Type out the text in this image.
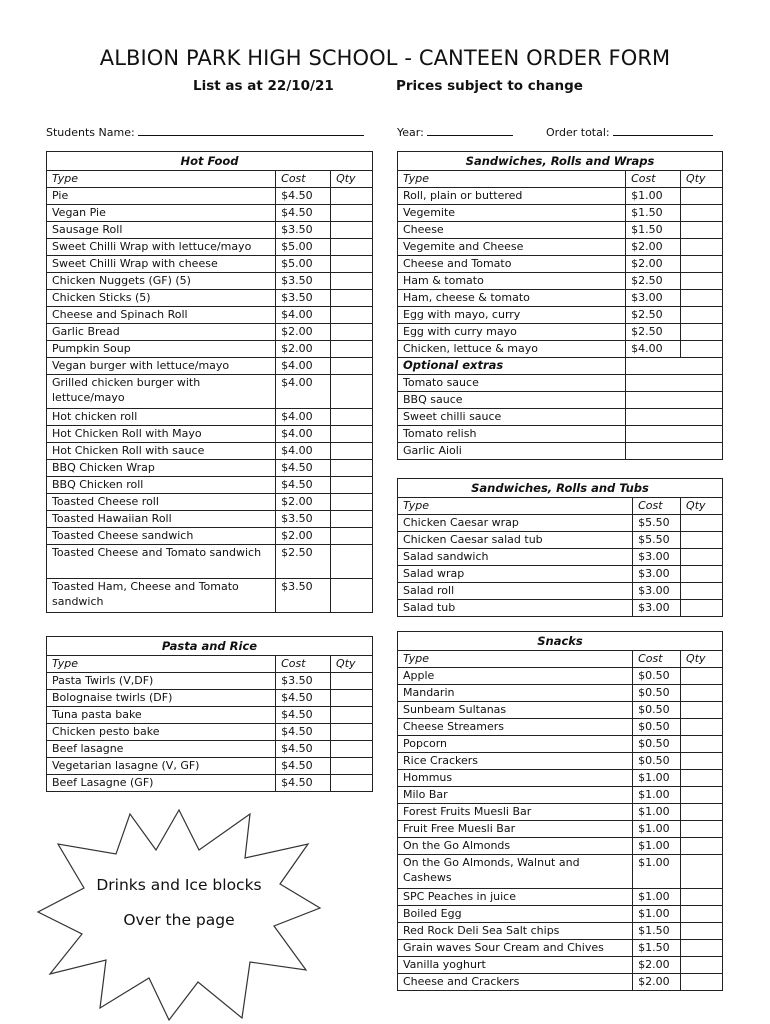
ALBION PARK HIGH SCHOOL - CANTEEN ORDER FORM
List as at 22/10/21	Prices subject to change
Students Name:	Year:	Order total:
Hot Food		
Type	Cost	Qty
Pie	$4.50	
Vegan Pie	$4.50	
Sausage Roll	$3.50	
Sweet Chilli Wrap with lettuce/mayo	$5.00	
Sweet Chilli Wrap with cheese	$5.00	
Chicken Nuggets (GF) (5)	$3.50	
Chicken Sticks (5)	$3.50	
Cheese and Spinach Roll	$4.00	
Garlic Bread	$2.00	
Pumpkin Soup	$2.00	
Vegan burger with lettuce/mayo	$4.00	
Grilled chicken burger with lettuce/mayo	$4.00	
Hot chicken roll	$4.00	
Hot Chicken Roll with Mayo	$4.00	
Hot Chicken Roll with sauce	$4.00	
BBQ Chicken Wrap	$4.50	
BBQ Chicken roll	$4.50	
Toasted Cheese roll	$2.00	
Toasted Hawaiian Roll	$3.50	
Toasted Cheese sandwich	$2.00	
Toasted Cheese and Tomato sandwich	$2.50	
Toasted Ham, Cheese and Tomato sandwich	$3.50	
Pasta and Rice		
Type	Cost	Qty
Pasta Twirls (V,DF)	$3.50	
Bolognaise twirls (DF)	$4.50	
Tuna pasta bake	$4.50	
Chicken pesto bake	$4.50	
Beef lasagne	$4.50	
Vegetarian lasagne (V, GF)	$4.50	
Beef Lasagne (GF)	$4.50	
Sandwiches, Rolls and Wraps		
Type	Cost	Qty
Roll, plain or buttered	$1.00	
Vegemite	$1.50	
Cheese	$1.50	
Vegemite and Cheese	$2.00	
Cheese and Tomato	$2.00	
Ham & tomato	$2.50	
Ham, cheese & tomato	$3.00	
Egg with mayo, curry	$2.50	
Egg with curry mayo	$2.50	
Chicken, lettuce & mayo	$4.00	
Optional extras		
Tomato sauce		
BBQ sauce		
Sweet chilli sauce		
Tomato relish		
Garlic Aioli		
Sandwiches, Rolls and Tubs		
Type	Cost	Qty
Chicken Caesar wrap	$5.50	
Chicken Caesar salad tub	$5.50	
Salad sandwich	$3.00	
Salad wrap	$3.00	
Salad roll	$3.00	
Salad tub	$3.00	
Snacks		
Type	Cost	Qty
Apple	$0.50	
Mandarin	$0.50	
Sunbeam Sultanas	$0.50	
Cheese Streamers	$0.50	
Popcorn	$0.50	
Rice Crackers	$0.50	
Hommus	$1.00	
Milo Bar	$1.00	
Forest Fruits Muesli Bar	$1.00	
Fruit Free Muesli Bar	$1.00	
On the Go Almonds	$1.00	
On the Go Almonds, Walnut and Cashews	$1.00	
SPC Peaches in juice	$1.00	
Boiled Egg	$1.00	
Red Rock Deli Sea Salt chips	$1.50	
Grain waves Sour Cream and Chives	$1.50	
Vanilla yoghurt	$2.00	
Cheese and Crackers	$2.00	
Drinks and Ice blocks
Over the page
